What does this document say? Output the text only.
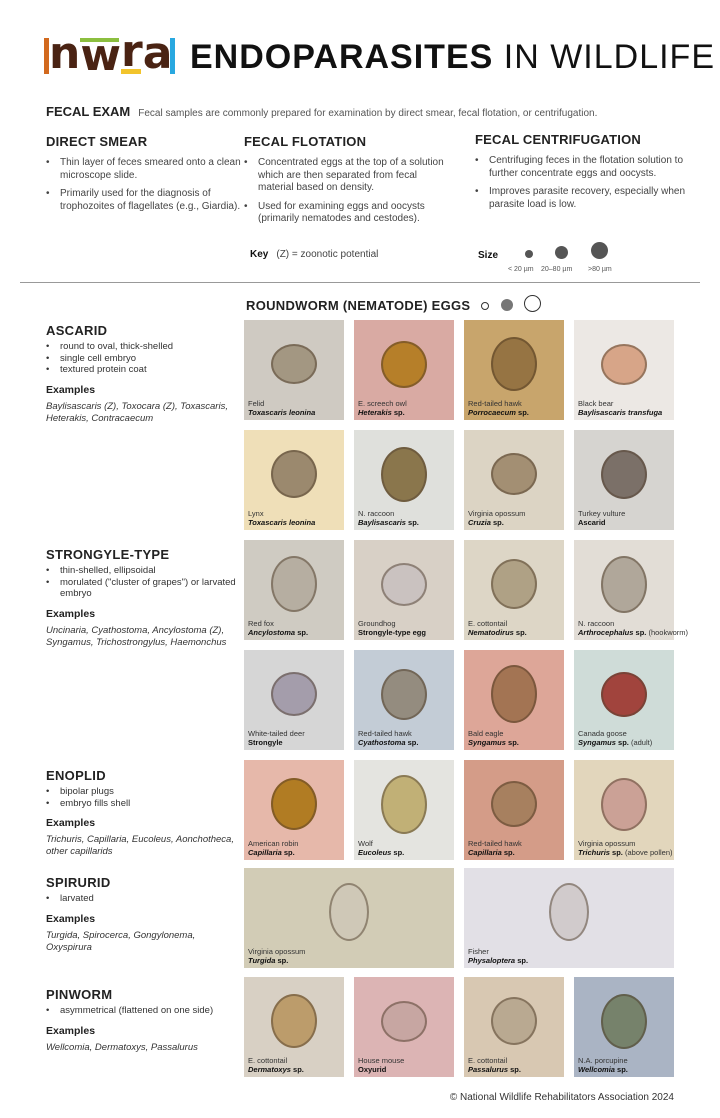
n w r a ENDOPARASITES IN WILDLIFE
FECAL EXAM Fecal samples are commonly prepared for examination by direct smear, fecal flotation, or centrifugation.
DIRECT SMEAR
• Thin layer of feces smeared onto a clean microscope slide.
• Primarily used for the diagnosis of trophozoites of flagellates (e.g., Giardia).
FECAL FLOTATION
• Concentrated eggs at the top of a solution which are then separated from fecal material based on density.
• Used for examining eggs and oocysts (primarily nematodes and cestodes).
FECAL CENTRIFUGATION
• Centrifuging feces in the flotation solution to further concentrate eggs and oocysts.
• Improves parasite recovery, especially when parasite load is low.
Key (Z) = zoonotic potential	Size
< 20 µm 20–80 µm >80 µm
ROUNDWORM (NEMATODE) EGGS
ASCARID
• round to oval, thick-shelled
• single cell embryo
• textured protein coat
Examples

Baylisascaris (Z), Toxocara (Z), Toxascaris, Heterakis, Contracaecum

STRONGYLE-TYPE
• thin-shelled, ellipsoidal
• morulated ("cluster of grapes") or larvated embryo
Examples

Uncinaria, Cyathostoma, Ancylostoma (Z), Syngamus, Trichostrongylus, Haemonchus

ENOPLID
• bipolar plugs
• embryo fills shell
Examples

Trichuris, Capillaria, Eucoleus, Aonchotheca, other capillarids

SPIRURID
• larvated
Examples

Turgida, Spirocerca, Gongylonema, Oxyspirura

PINWORM
• asymmetrical (flattened on one side)
Examples

Wellcomia, Dermatoxys, Passalurus

Felid
Toxascaris leonina
E. screech owl
Heterakis sp.
Red-tailed hawk
Porrocaecum sp.
Black bear
Baylisascaris transfuga
Lynx
Toxascaris leonina
N. raccoon
Baylisascaris sp.
Virginia opossum
Cruzia sp.
Turkey vulture
Ascarid
Red fox
Ancylostoma sp.
Groundhog
Strongyle-type egg
E. cottontail
Nematodirus sp.
N. raccoon
Arthrocephalus sp. (hookworm)
White-tailed deer
Strongyle
Red-tailed hawk
Cyathostoma sp.
Bald eagle
Syngamus sp.
Canada goose
Syngamus sp. (adult)
American robin
Capillaria sp.
Wolf
Eucoleus sp.
Red-tailed hawk
Capillaria sp.
Virginia opossum
Trichuris sp. (above pollen)
Virginia opossum
Turgida sp.
Fisher
Physaloptera sp.
E. cottontail
Dermatoxys sp.
House mouse
Oxyurid
E. cottontail
Passalurus sp.
N.A. porcupine
Wellcomia sp.
© National Wildlife Rehabilitators Association 2024
